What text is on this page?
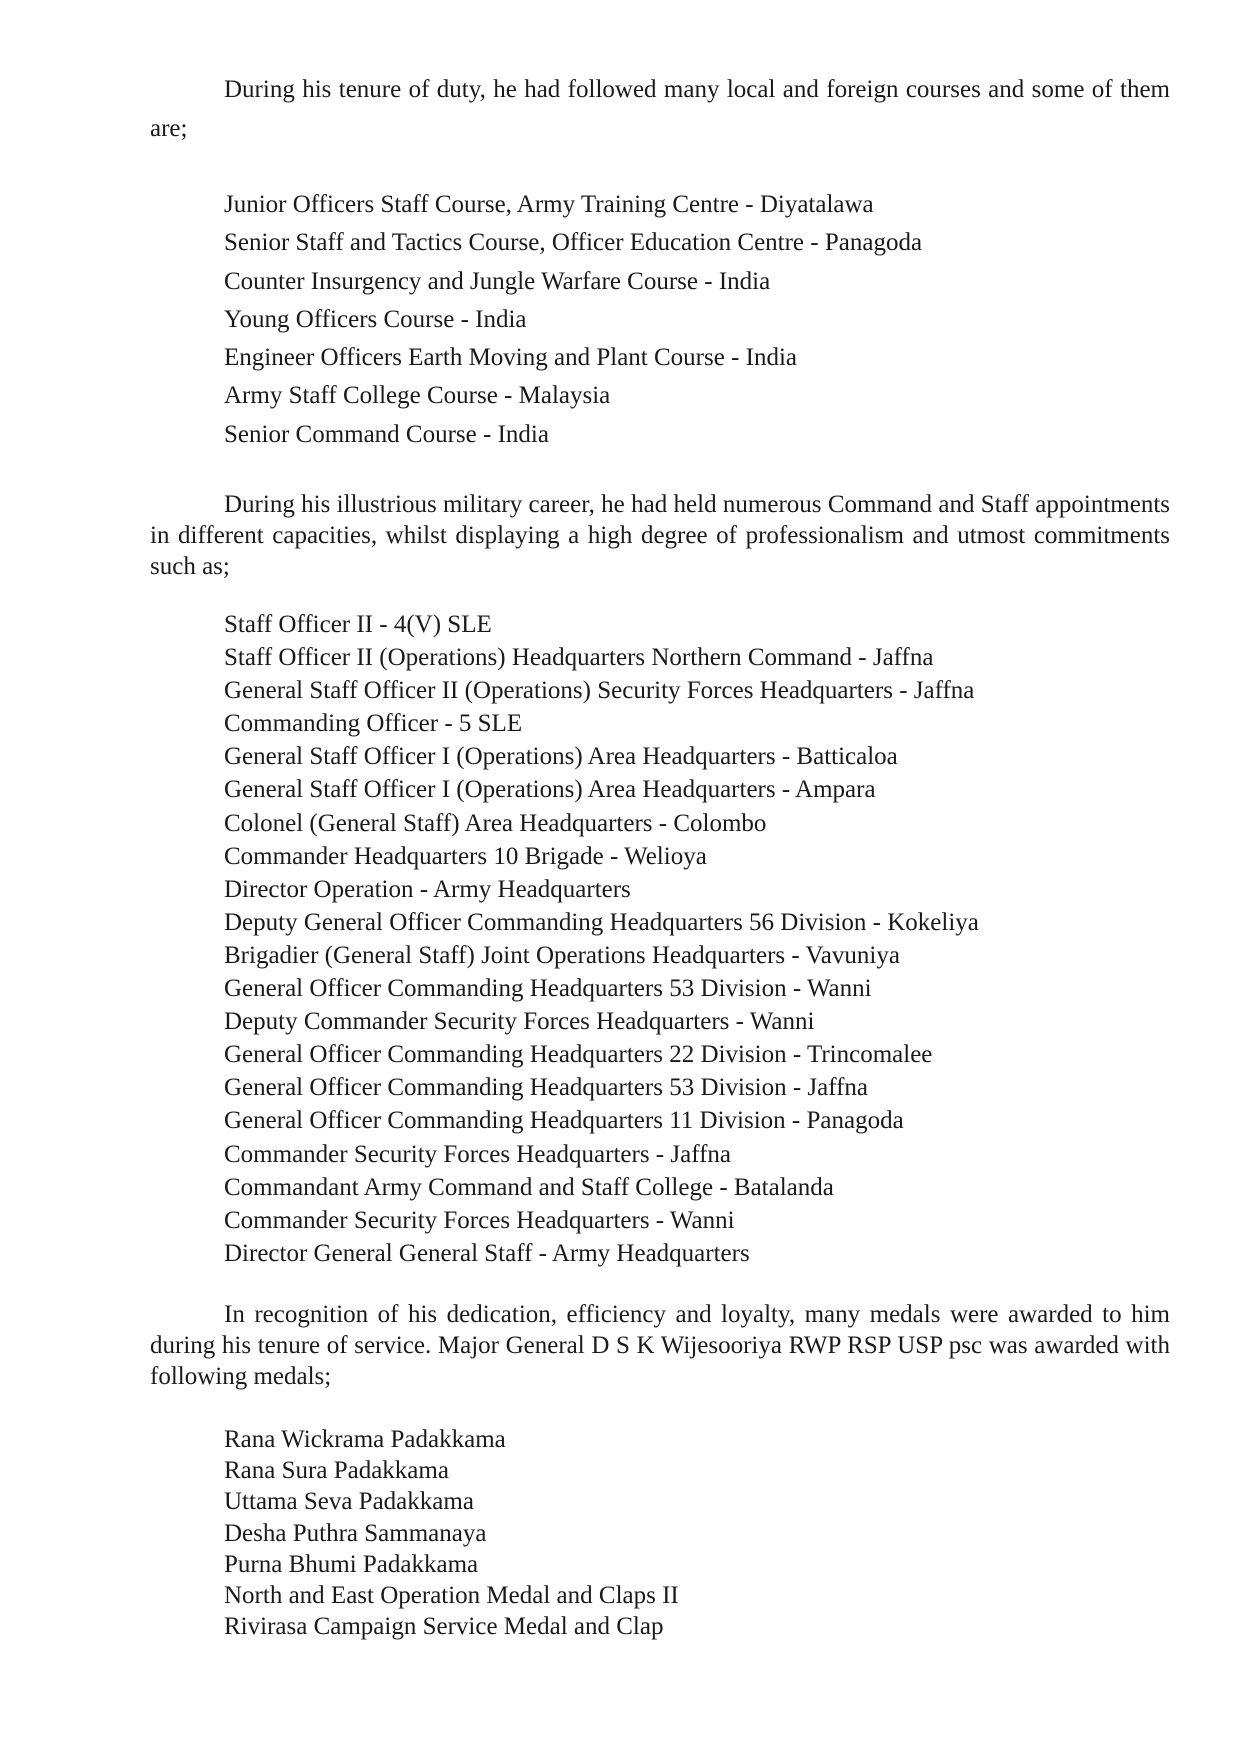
During his tenure of duty, he had followed many local and foreign courses and some of them are;

Junior Officers Staff Course, Army Training Centre - Diyatalawa
Senior Staff and Tactics Course, Officer Education Centre - Panagoda
Counter Insurgency and Jungle Warfare Course - India
Young Officers Course - India
Engineer Officers Earth Moving and Plant Course - India
Army Staff College Course - Malaysia
Senior Command Course - India

During his illustrious military career, he had held numerous Command and Staff appointments in different capacities, whilst displaying a high degree of professionalism and utmost commitments such as;

Staff Officer II - 4(V) SLE
Staff Officer II (Operations) Headquarters Northern Command - Jaffna
General Staff Officer II (Operations) Security Forces Headquarters - Jaffna
Commanding Officer - 5 SLE
General Staff Officer I (Operations) Area Headquarters - Batticaloa
General Staff Officer I (Operations) Area Headquarters - Ampara
Colonel (General Staff) Area Headquarters - Colombo
Commander Headquarters 10 Brigade - Welioya
Director Operation - Army Headquarters
Deputy General Officer Commanding Headquarters 56 Division - Kokeliya
Brigadier (General Staff) Joint Operations Headquarters - Vavuniya
General Officer Commanding Headquarters 53 Division - Wanni
Deputy Commander Security Forces Headquarters - Wanni
General Officer Commanding Headquarters 22 Division - Trincomalee
General Officer Commanding Headquarters 53 Division - Jaffna
General Officer Commanding Headquarters 11 Division - Panagoda
Commander Security Forces Headquarters - Jaffna
Commandant Army Command and Staff College - Batalanda
Commander Security Forces Headquarters - Wanni
Director General General Staff - Army Headquarters

In recognition of his dedication, efficiency and loyalty, many medals were awarded to him during his tenure of service. Major General D S K Wijesooriya RWP RSP USP psc was awarded with following medals;

Rana Wickrama Padakkama
Rana Sura Padakkama
Uttama Seva Padakkama
Desha Puthra Sammanaya
Purna Bhumi Padakkama
North and East Operation Medal and Claps II
Rivirasa Campaign Service Medal and Clap
